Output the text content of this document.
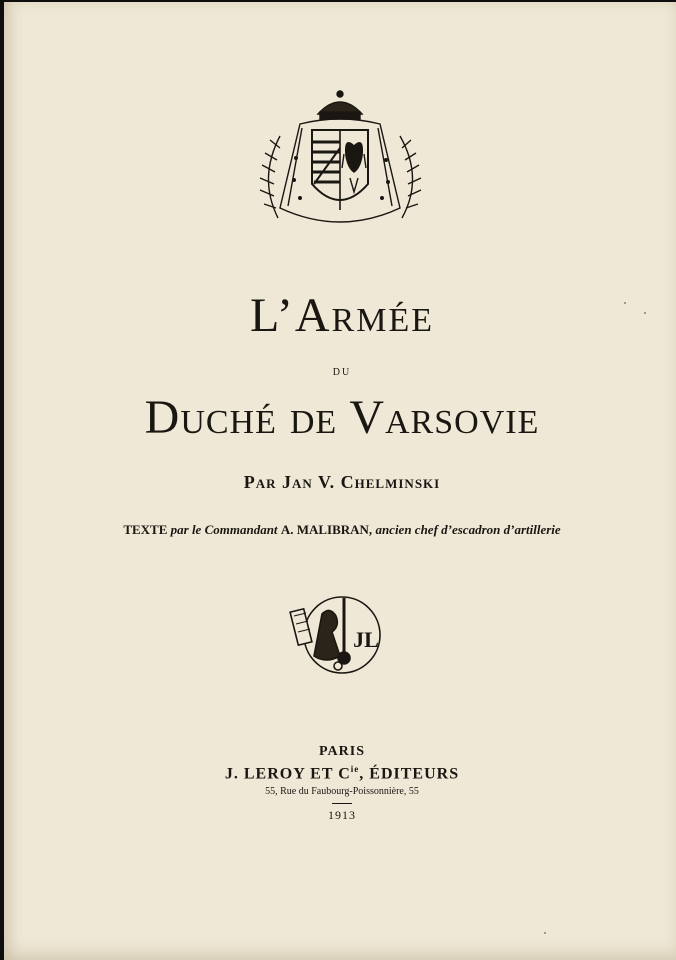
L’Armée
du
Duché de Varsovie
Par Jan V. Chelminski
TEXTE par le Commandant A. MALIBRAN, ancien chef d’escadron d’artillerie
JL
PARIS
J. LEROY ET $C^{ie}$, ÉDITEURS
55, Rue du Faubourg-Poissonnière, 55
1913
